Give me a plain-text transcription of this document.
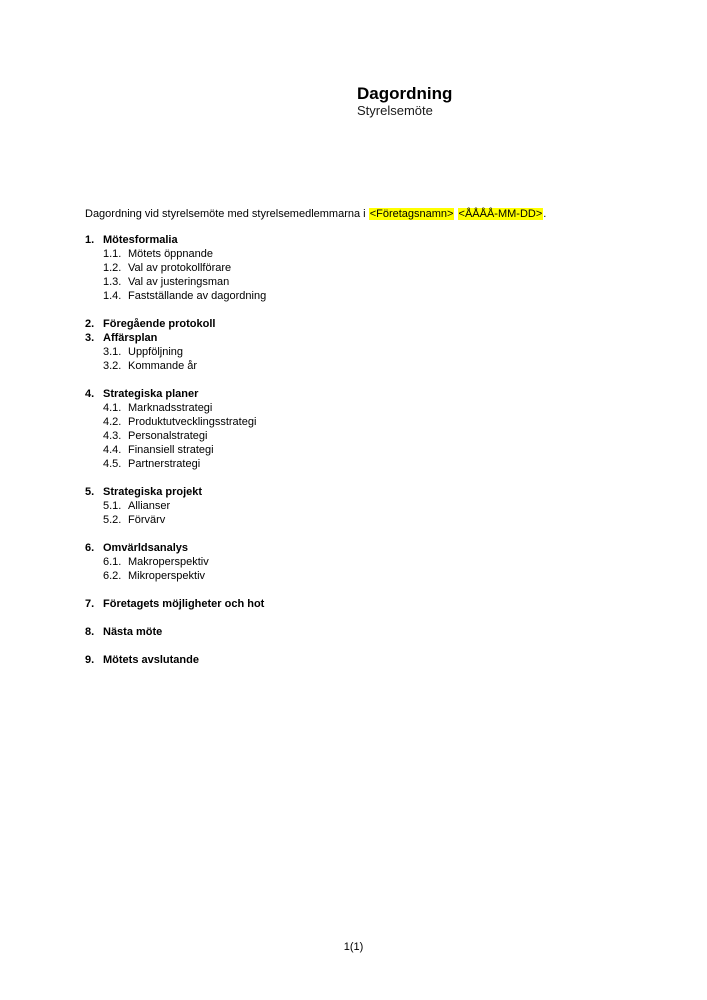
Dagordning
Styrelsemöte

Dagordning vid styrelsemöte med styrelsemedlemmarna i <Företagsnamn> <ÅÅÅÅ-MM-DD>.

1. Mötesformalia
1.1. Mötets öppnande
1.2. Val av protokollförare
1.3. Val av justeringsman
1.4. Fastställande av dagordning
2. Föregående protokoll
3. Affärsplan
3.1. Uppföljning
3.2. Kommande år
4. Strategiska planer
4.1. Marknadsstrategi
4.2. Produktutvecklingsstrategi
4.3. Personalstrategi
4.4. Finansiell strategi
4.5. Partnerstrategi
5. Strategiska projekt
5.1. Allianser
5.2. Förvärv
6. Omvärldsanalys
6.1. Makroperspektiv
6.2. Mikroperspektiv
7. Företagets möjligheter och hot
8. Nästa möte
9. Mötets avslutande
1(1)
